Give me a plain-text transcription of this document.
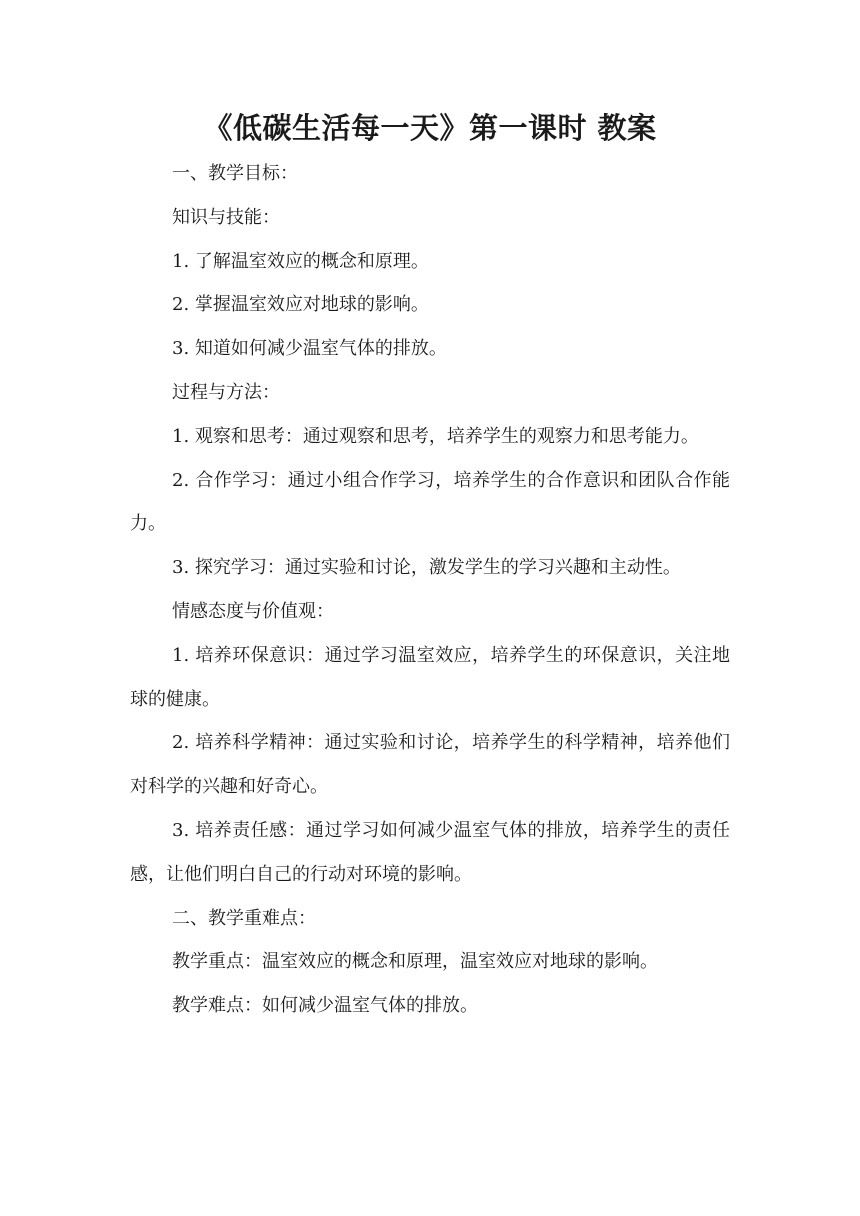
《低碳生活每一天》第一课时 教案

一、教学目标：

知识与技能：

1. 了解温室效应的概念和原理。

2. 掌握温室效应对地球的影响。

3. 知道如何减少温室气体的排放。

过程与方法：

1. 观察和思考：通过观察和思考，培养学生的观察力和思考能力。

2. 合作学习：通过小组合作学习，培养学生的合作意识和团队合作能力。

3. 探究学习：通过实验和讨论，激发学生的学习兴趣和主动性。

情感态度与价值观：

1. 培养环保意识：通过学习温室效应，培养学生的环保意识，关注地球的健康。

2. 培养科学精神：通过实验和讨论，培养学生的科学精神，培养他们对科学的兴趣和好奇心。

3. 培养责任感：通过学习如何减少温室气体的排放，培养学生的责任感，让他们明白自己的行动对环境的影响。

二、教学重难点：

教学重点：温室效应的概念和原理，温室效应对地球的影响。

教学难点：如何减少温室气体的排放。
